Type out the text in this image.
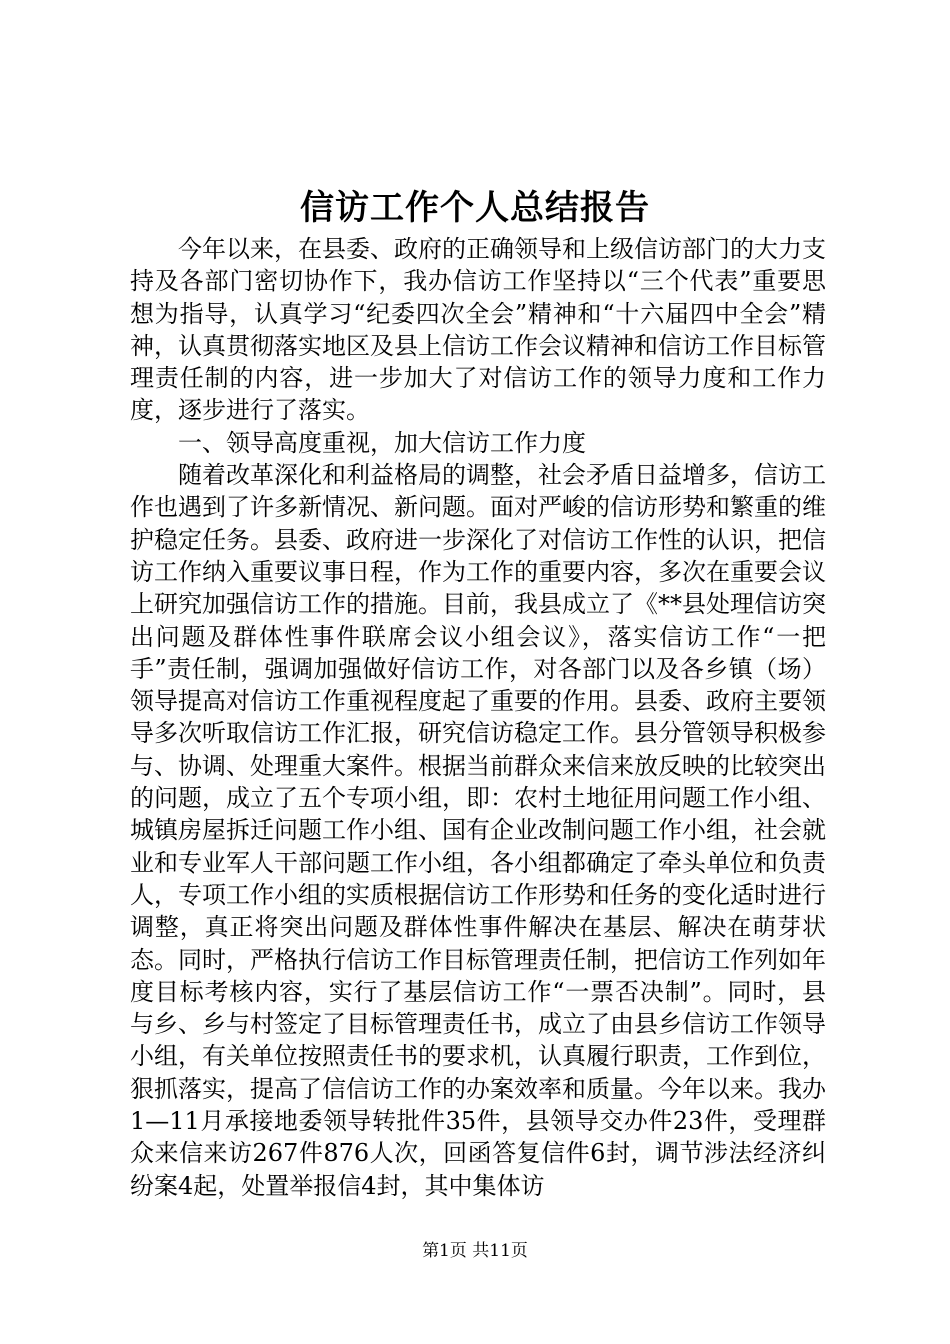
信访工作个人总结报告

今年以来，在县委、政府的正确领导和上级信访部门的大力支持及各部门密切协作下，我办信访工作坚持以“三个代表”重要思想为指导，认真学习“纪委四次全会”精神和“十六届四中全会”精神，认真贯彻落实地区及县上信访工作会议精神和信访工作目标管理责任制的内容，进一步加大了对信访工作的领导力度和工作力度，逐步进行了落实。

一、领导高度重视，加大信访工作力度

随着改革深化和利益格局的调整，社会矛盾日益增多，信访工作也遇到了许多新情况、新问题。面对严峻的信访形势和繁重的维护稳定任务。县委、政府进一步深化了对信访工作性的认识，把信访工作纳入重要议事日程，作为工作的重要内容，多次在重要会议上研究加强信访工作的措施。目前，我县成立了《**县处理信访突出问题及群体性事件联席会议小组会议》，落实信访工作“一把手”责任制，强调加强做好信访工作，对各部门以及各乡镇（场）领导提高对信访工作重视程度起了重要的作用。县委、政府主要领导多次听取信访工作汇报，研究信访稳定工作。县分管领导积极参与、协调、处理重大案件。根据当前群众来信来放反映的比较突出的问题，成立了五个专项小组，即：农村土地征用问题工作小组、城镇房屋拆迁问题工作小组、国有企业改制问题工作小组，社会就业和专业军人干部问题工作小组，各小组都确定了牵头单位和负责人，专项工作小组的实质根据信访工作形势和任务的变化适时进行调整，真正将突出问题及群体性事件解决在基层、解决在萌芽状态。同时，严格执行信访工作目标管理责任制，把信访工作列如年度目标考核内容，实行了基层信访工作“一票否决制”。同时，县与乡、乡与村签定了目标管理责任书，成立了由县乡信访工作领导小组，有关单位按照责任书的要求机，认真履行职责，工作到位，狠抓落实，提高了信信访工作的办案效率和质量。今年以来。我办1—11月承接地委领导转批件35件，县领导交办件23件，受理群众来信来访267件876人次，回函答复信件6封，调节涉法经济纠纷案4起，处置举报信4封，其中集体访

第1页 共11页
